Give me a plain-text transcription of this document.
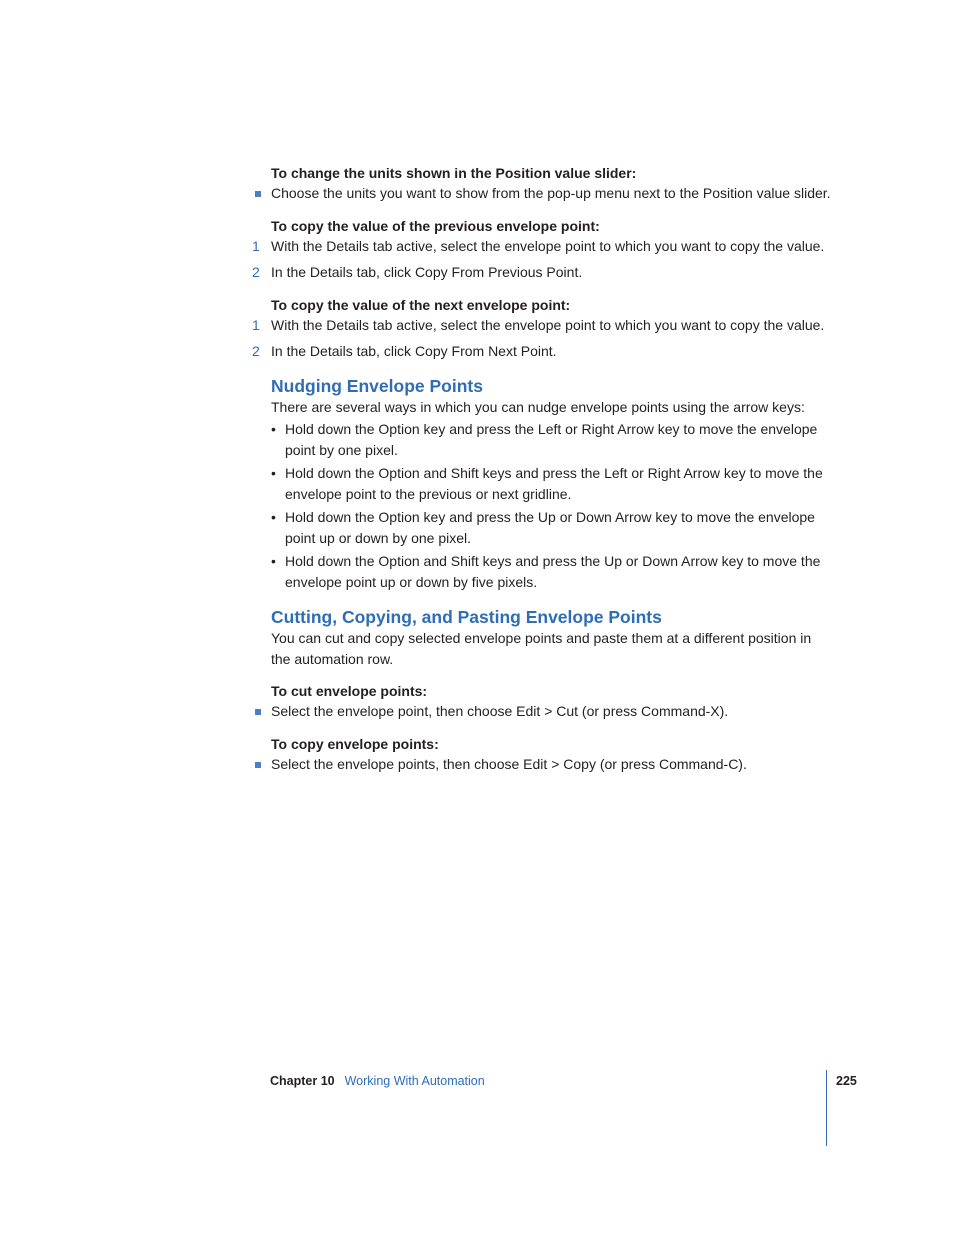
To change the units shown in the Position value slider:

Choose the units you want to show from the pop-up menu next to the Position value slider.

To copy the value of the previous envelope point:

1 With the Details tab active, select the envelope point to which you want to copy the value.
2 In the Details tab, click Copy From Previous Point.

To copy the value of the next envelope point:

1 With the Details tab active, select the envelope point to which you want to copy the value.
2 In the Details tab, click Copy From Next Point.
Nudging Envelope Points

There are several ways in which you can nudge envelope points using the arrow keys:

• Hold down the Option key and press the Left or Right Arrow key to move the envelope point by one pixel.
• Hold down the Option and Shift keys and press the Left or Right Arrow key to move the envelope point to the previous or next gridline.
• Hold down the Option key and press the Up or Down Arrow key to move the envelope point up or down by one pixel.
• Hold down the Option and Shift keys and press the Up or Down Arrow key to move the envelope point up or down by five pixels.
Cutting, Copying, and Pasting Envelope Points

You can cut and copy selected envelope points and paste them at a different position in the automation row.

To cut envelope points:

Select the envelope point, then choose Edit > Cut (or press Command-X).

To copy envelope points:

Select the envelope points, then choose Edit > Copy (or press Command-C).
Chapter 10 Working With Automation	225
